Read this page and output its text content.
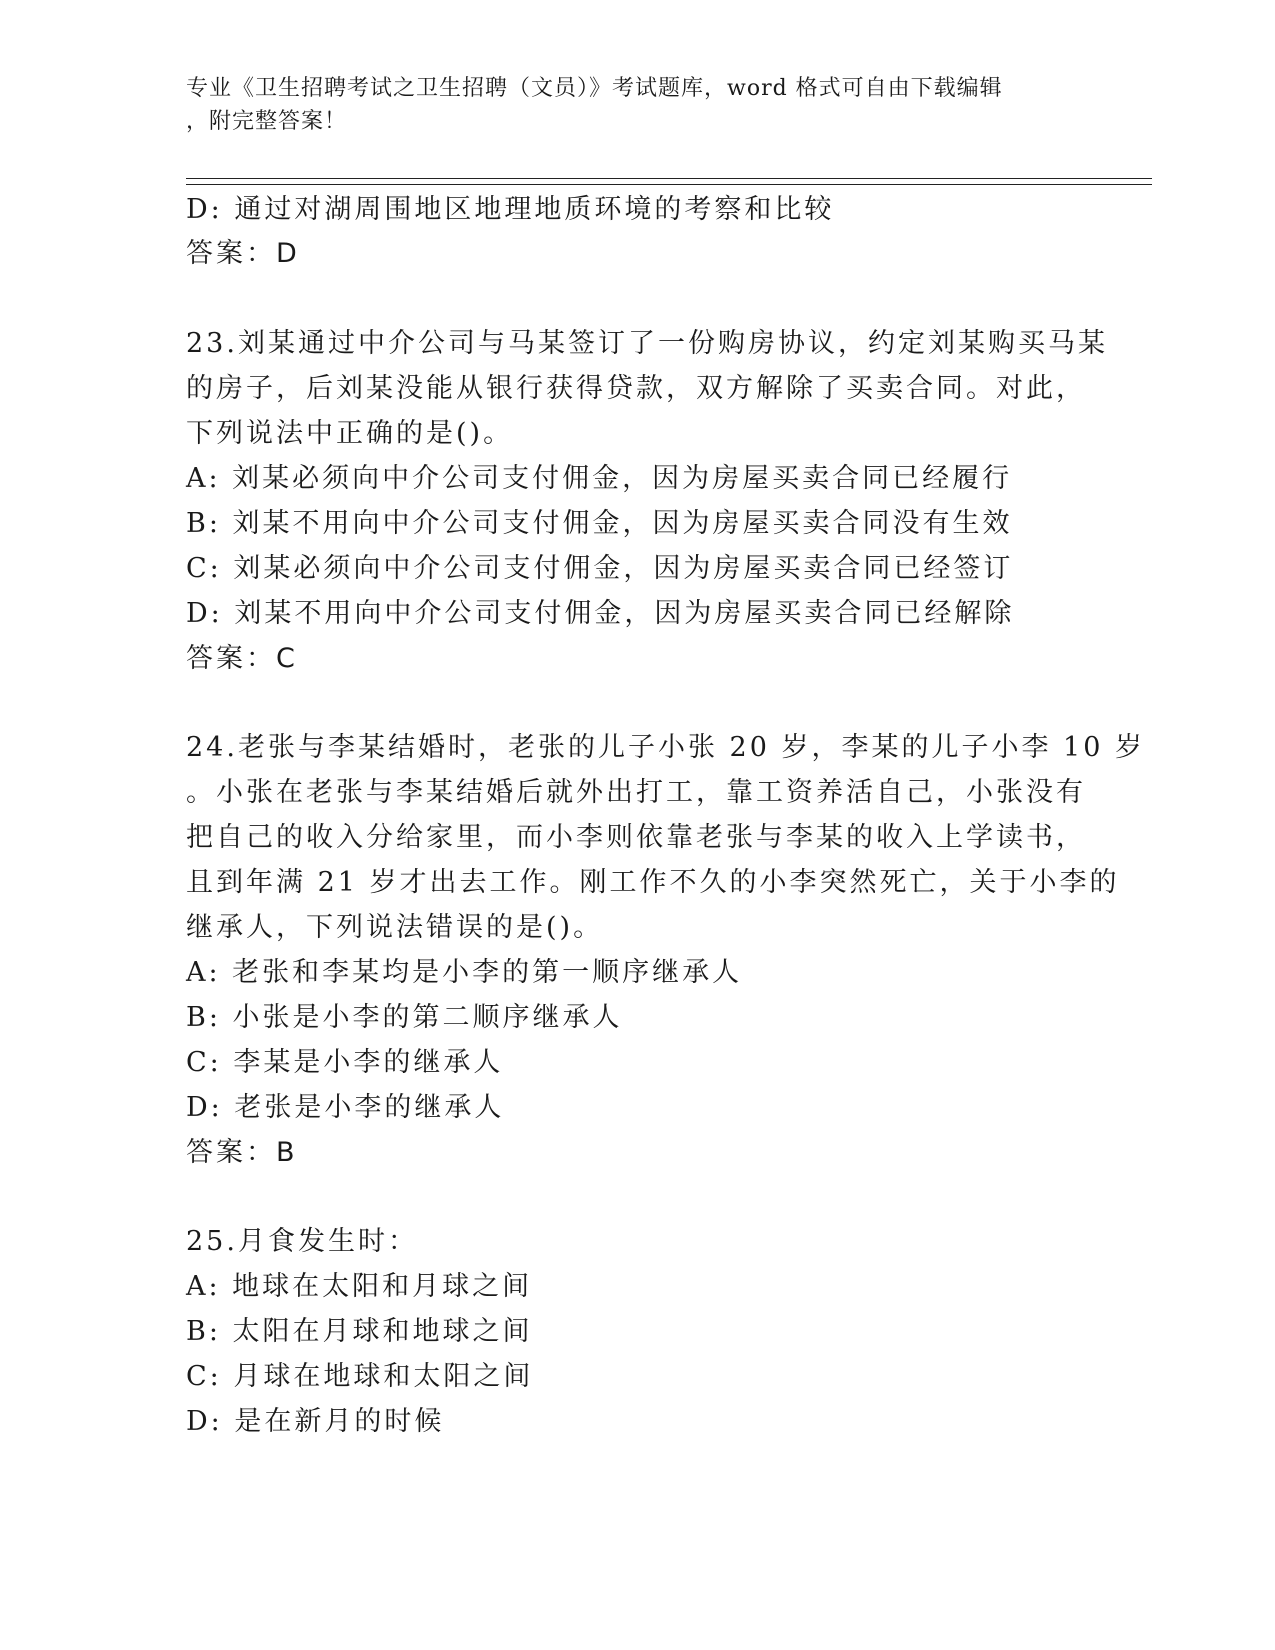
专业《卫生招聘考试之卫生招聘（文员）》考试题库，word 格式可自由下载编辑
，附完整答案！
D: 通过对湖周围地区地理地质环境的考察和比较
答案：D
23.刘某通过中介公司与马某签订了一份购房协议，约定刘某购买马某
的房子，后刘某没能从银行获得贷款，双方解除了买卖合同。对此，
下列说法中正确的是()。
A: 刘某必须向中介公司支付佣金，因为房屋买卖合同已经履行
B: 刘某不用向中介公司支付佣金，因为房屋买卖合同没有生效
C: 刘某必须向中介公司支付佣金，因为房屋买卖合同已经签订
D: 刘某不用向中介公司支付佣金，因为房屋买卖合同已经解除
答案：C
24.老张与李某结婚时，老张的儿子小张 20 岁，李某的儿子小李 10 岁
。小张在老张与李某结婚后就外出打工，靠工资养活自己，小张没有
把自己的收入分给家里，而小李则依靠老张与李某的收入上学读书，
且到年满 21 岁才出去工作。刚工作不久的小李突然死亡，关于小李的
继承人，下列说法错误的是()。
A: 老张和李某均是小李的第一顺序继承人
B: 小张是小李的第二顺序继承人
C: 李某是小李的继承人
D: 老张是小李的继承人
答案：B
25.月食发生时：
A: 地球在太阳和月球之间
B: 太阳在月球和地球之间
C: 月球在地球和太阳之间
D: 是在新月的时候
